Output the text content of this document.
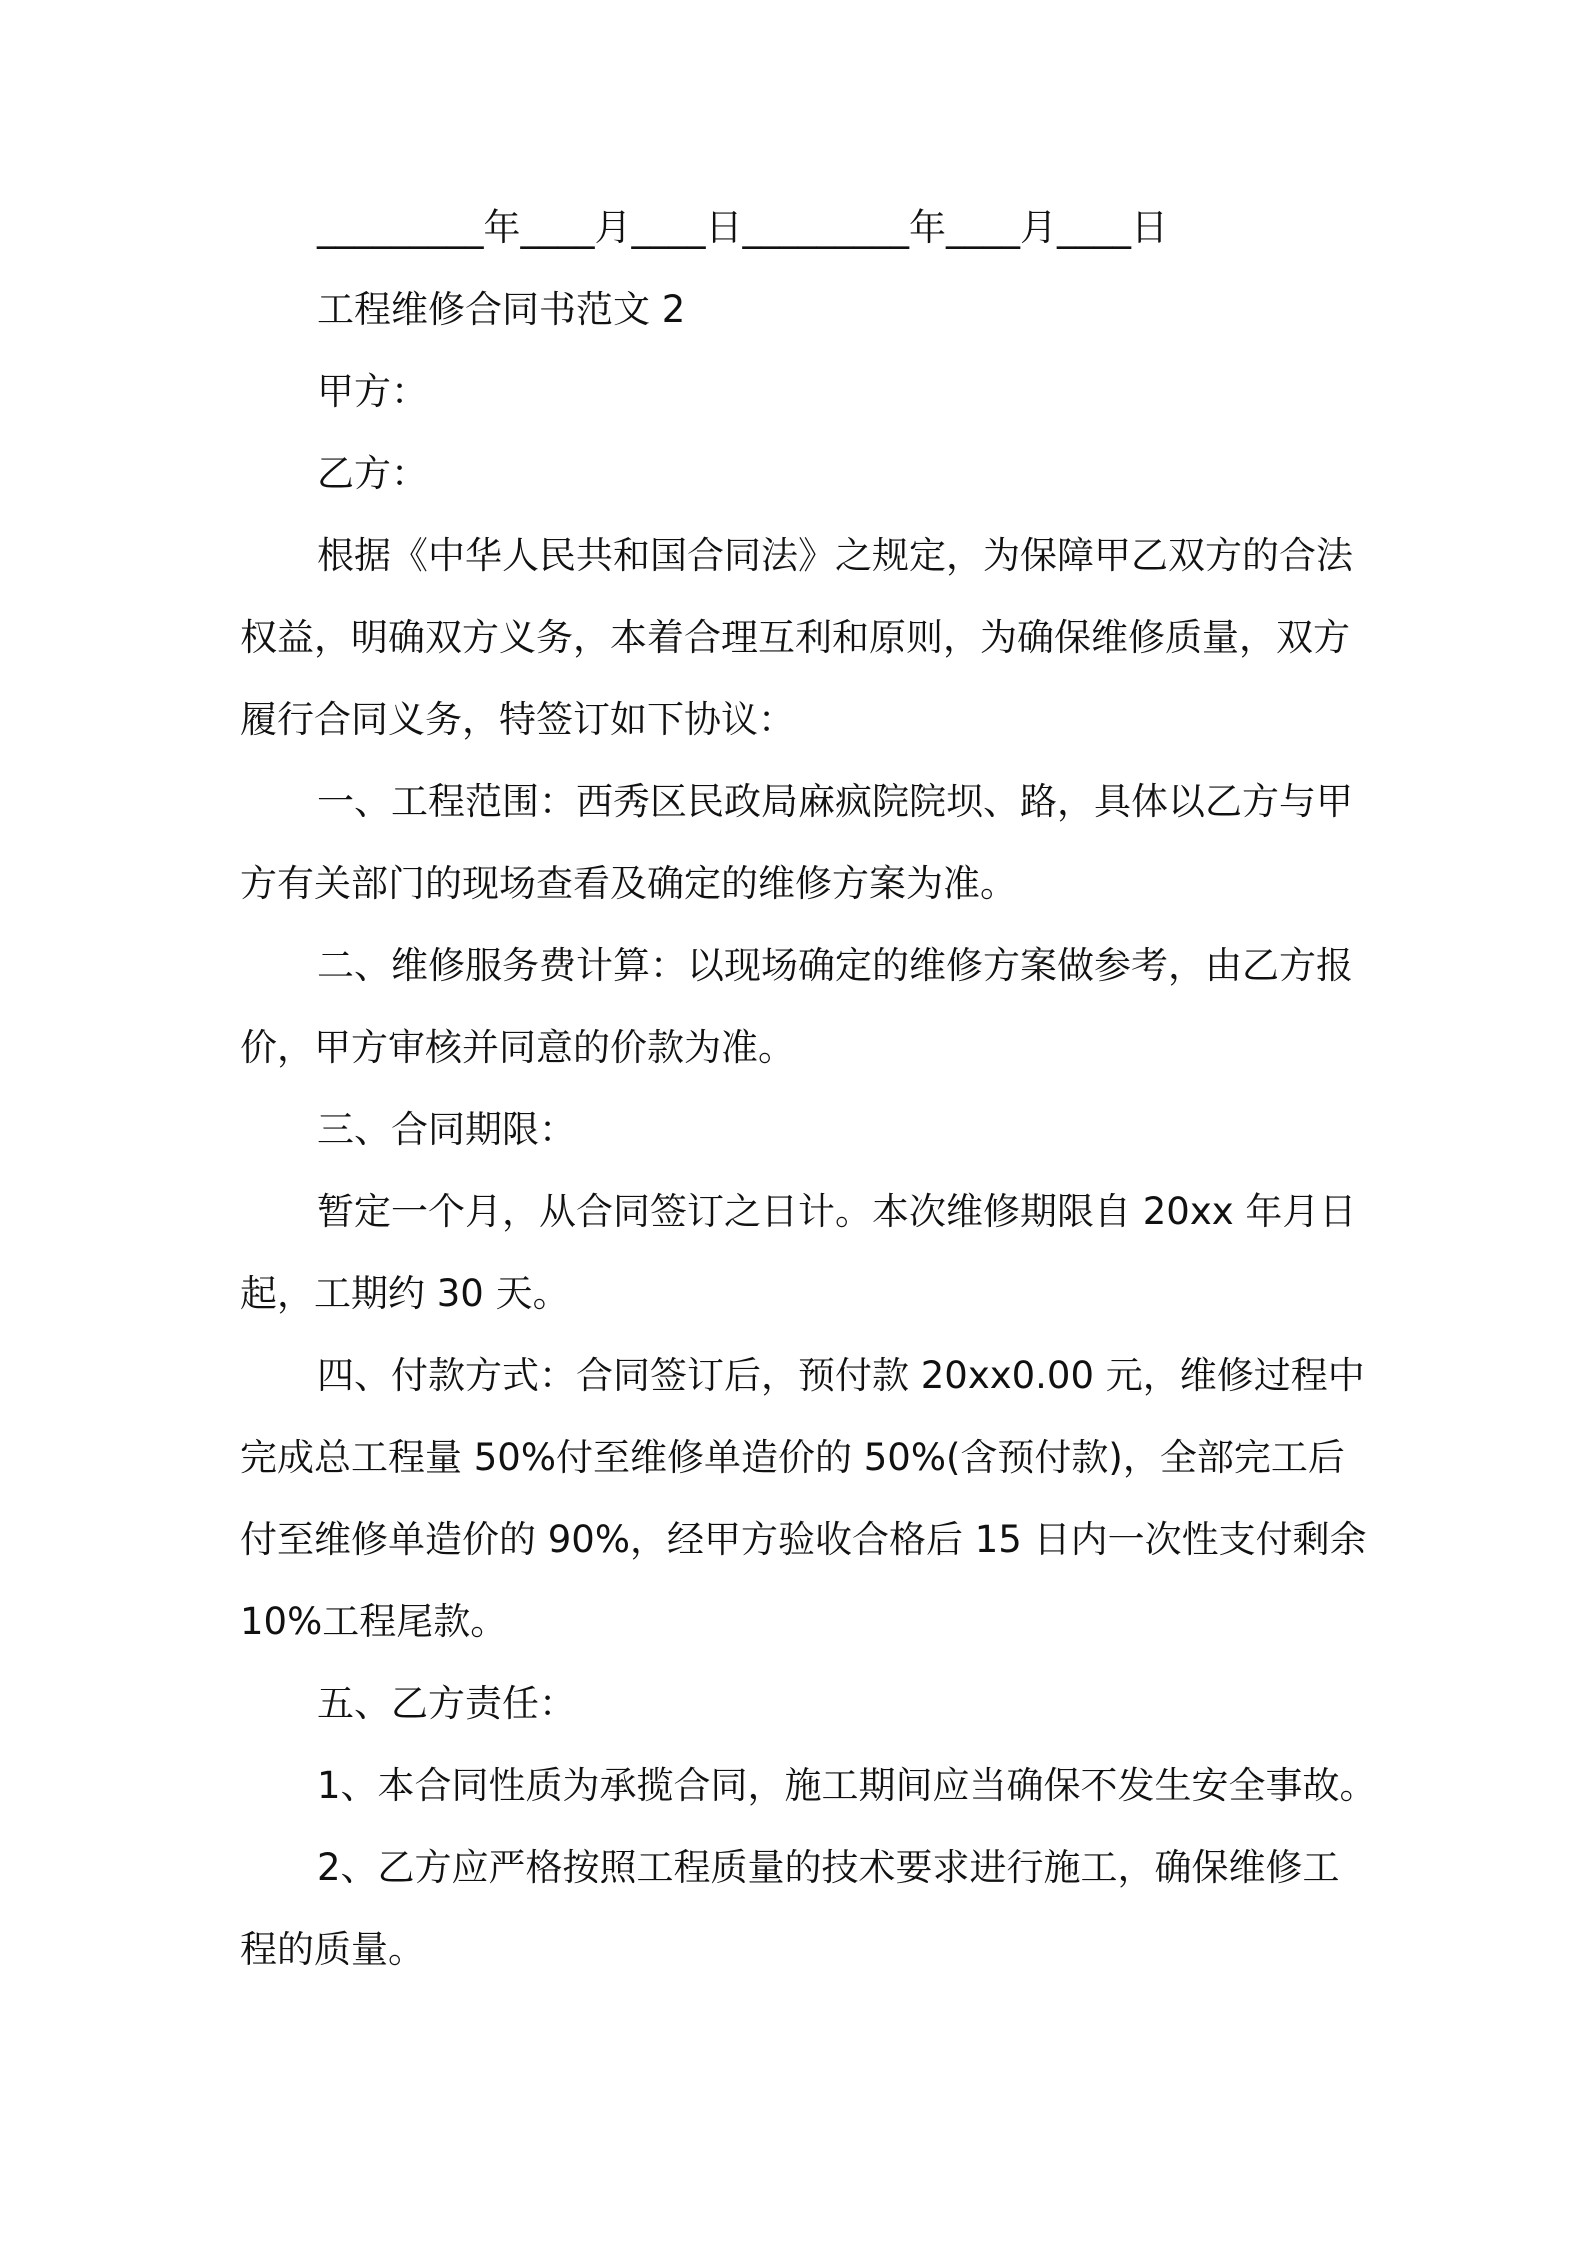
_________年____月____日_________年____月____日
工程维修合同书范文 2
甲方：
乙方：
根据《中华人民共和国合同法》之规定，为保障甲乙双方的合法
权益，明确双方义务，本着合理互利和原则，为确保维修质量，双方
履行合同义务，特签订如下协议：
一、工程范围：西秀区民政局麻疯院院坝、路，具体以乙方与甲
方有关部门的现场查看及确定的维修方案为准。
二、维修服务费计算：以现场确定的维修方案做参考，由乙方报
价，甲方审核并同意的价款为准。
三、合同期限：
暂定一个月，从合同签订之日计。本次维修期限自 20xx 年月日
起，工期约 30 天。
四、付款方式：合同签订后，预付款 20xx0.00 元，维修过程中
完成总工程量 50%付至维修单造价的 50%(含预付款)，全部完工后
付至维修单造价的 90%，经甲方验收合格后 15 日内一次性支付剩余
10%工程尾款。
五、乙方责任：
1、本合同性质为承揽合同，施工期间应当确保不发生安全事故。
2、乙方应严格按照工程质量的技术要求进行施工，确保维修工
程的质量。
